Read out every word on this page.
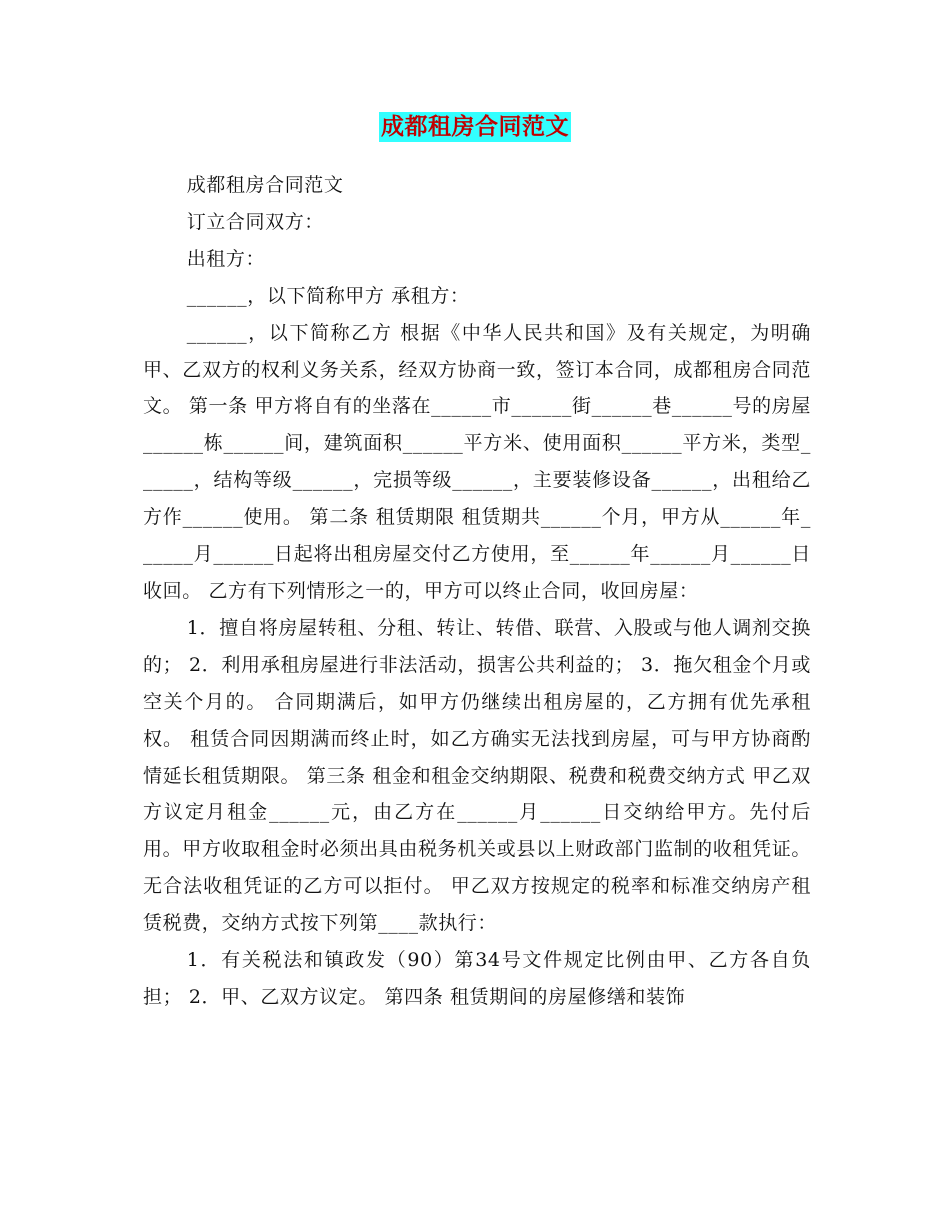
成都租房合同范文

成都租房合同范文

订立合同双方：

出租方：

______，以下简称甲方 承租方：

______，以下简称乙方 根据《中华人民共和国》及有关规定，为明确甲、乙双方的权利义务关系，经双方协商一致，签订本合同，成都租房合同范文。 第一条 甲方将自有的坐落在______市______街______巷______号的房屋______栋______间，建筑面积______平方米、使用面积______平方米，类型______，结构等级______，完损等级______，主要装修设备______，出租给乙方作______使用。 第二条 租赁期限 租赁期共______个月，甲方从______年______月______日起将出租房屋交付乙方使用，至______年______月______日收回。 乙方有下列情形之一的，甲方可以终止合同，收回房屋：

1．擅自将房屋转租、分租、转让、转借、联营、入股或与他人调剂交换的； 2．利用承租房屋进行非法活动，损害公共利益的； 3．拖欠租金个月或空关个月的。 合同期满后，如甲方仍继续出租房屋的，乙方拥有优先承租权。 租赁合同因期满而终止时，如乙方确实无法找到房屋，可与甲方协商酌情延长租赁期限。 第三条 租金和租金交纳期限、税费和税费交纳方式 甲乙双方议定月租金______元，由乙方在______月______日交纳给甲方。先付后用。甲方收取租金时必须出具由税务机关或县以上财政部门监制的收租凭证。无合法收租凭证的乙方可以拒付。 甲乙双方按规定的税率和标准交纳房产租赁税费，交纳方式按下列第____款执行：

1．有关税法和镇政发（90）第34号文件规定比例由甲、乙方各自负担； 2．甲、乙双方议定。 第四条 租赁期间的房屋修缮和装饰
